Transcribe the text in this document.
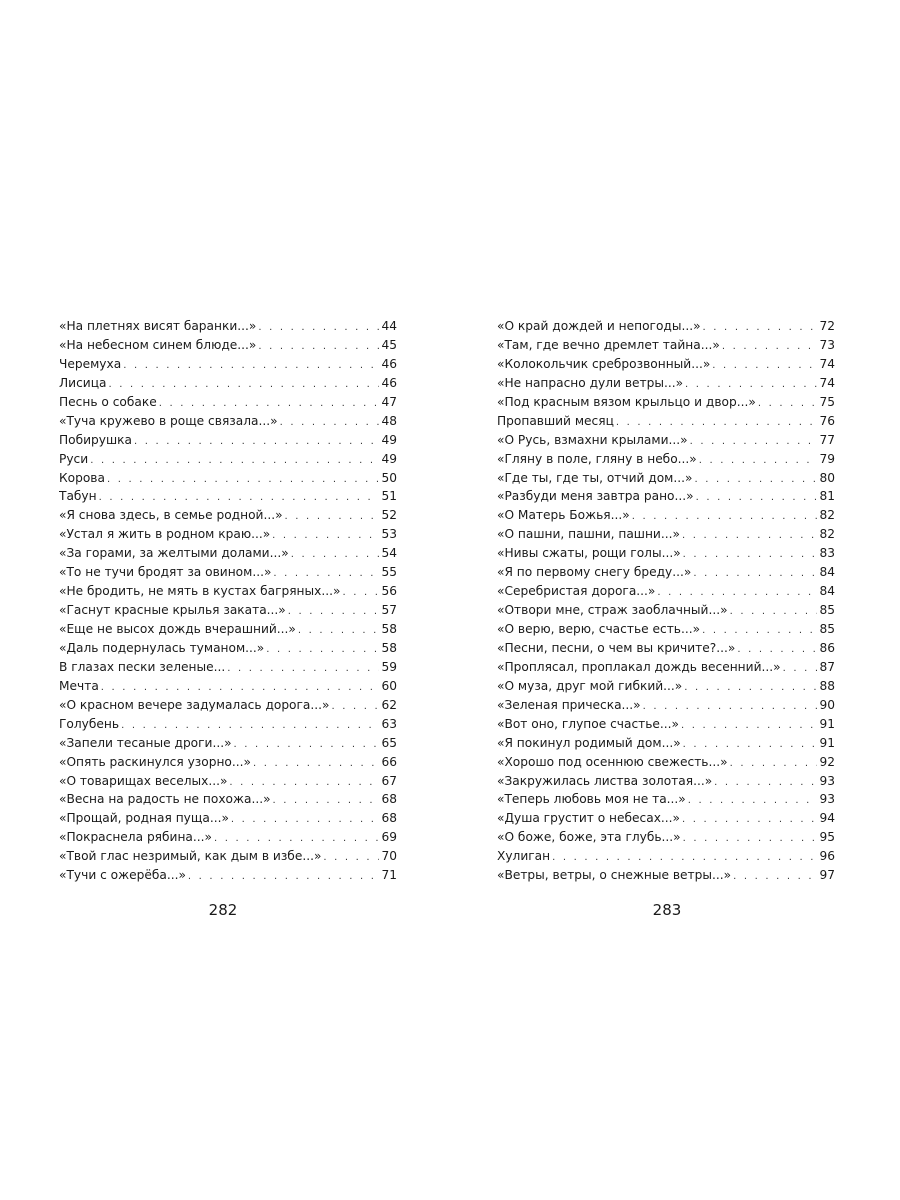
«На плетнях висят баранки...» . . .	44
«На небесном синем блюде...» . . .	45
Черемуха . . .	46
Лисица . . .	46
Песнь о собаке . . .	47
«Туча кружево в роще связала...» . . .	48
Побирушка . . .	49
Руси . . .	49
Корова . . .	50
Табун . . .	51
«Я снова здесь, в семье родной...» . . .	52
«Устал я жить в родном краю...» . . .	53
«За горами, за желтыми долами...» . . .	54
«То не тучи бродят за овином...» . . .	55
«Не бродить, не мять в кустах багряных...» . . .	56
«Гаснут красные крылья заката...» . . .	57
«Еще не высох дождь вчерашний...» . . .	58
«Даль подернулась туманом...» . . .	58
В глазах пески зеленые... . . .	59
Мечта . . .	60
«О красном вечере задумалась дорога...» . . .	62
Голубень . . .	63
«Запели тесаные дроги...» . . .	65
«Опять раскинулся узорно...» . . .	66
«О товарищах веселых...» . . .	67
«Весна на радость не похожа...» . . .	68
«Прощай, родная пуща...» . . .	68
«Покраснела рябина...» . . .	69
«Твой глас незримый, как дым в избе...» . . .	70
«Тучи с ожерёба...» . . .	71
282
«О край дождей и непогоды...» . . .	72
«Там, где вечно дремлет тайна...» . . .	73
«Колокольчик среброзвонный...» . . .	74
«Не напрасно дули ветры...» . . .	74
«Под красным вязом крыльцо и двор...» . . .	75
Пропавший месяц . . .	76
«О Русь, взмахни крылами...» . . .	77
«Гляну в поле, гляну в небо...» . . .	79
«Где ты, где ты, отчий дом...» . . .	80
«Разбуди меня завтра рано...» . . .	81
«О Матерь Божья...» . . .	82
«О пашни, пашни, пашни...» . . .	82
«Нивы сжаты, рощи голы...» . . .	83
«Я по первому снегу бреду...» . . .	84
«Серебристая дорога...» . . .	84
«Отвори мне, страж заоблачный...» . . .	85
«О верю, верю, счастье есть...» . . .	85
«Песни, песни, о чем вы кричите?...» . . .	86
«Проплясал, проплакал дождь весенний...» . . .	87
«О муза, друг мой гибкий...» . . .	88
«Зеленая прическа...» . . .	90
«Вот оно, глупое счастье...» . . .	91
«Я покинул родимый дом...» . . .	91
«Хорошо под осеннюю свежесть...» . . .	92
«Закружилась листва золотая...» . . .	93
«Теперь любовь моя не та...» . . .	93
«Душа грустит о небесах...» . . .	94
«О боже, боже, эта глубь...» . . .	95
Хулиган . . .	96
«Ветры, ветры, о снежные ветры...» . . .	97
283
